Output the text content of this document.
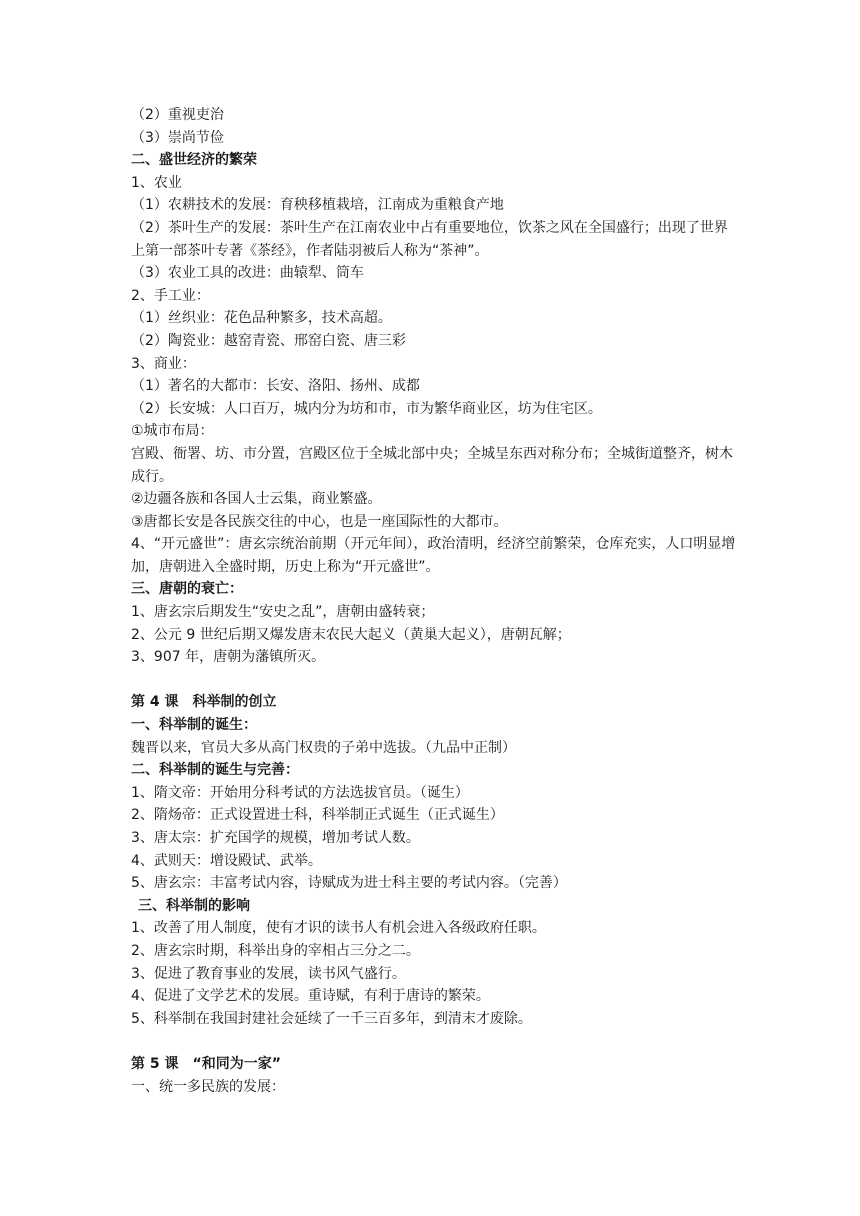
（2）重视吏治
（3）崇尚节俭
二、盛世经济的繁荣
1、农业
（1）农耕技术的发展：育秧移植栽培，江南成为重粮食产地
（2）茶叶生产的发展：茶叶生产在江南农业中占有重要地位，饮茶之风在全国盛行；出现了世界上第一部茶叶专著《茶经》，作者陆羽被后人称为“茶神”。
（3）农业工具的改进：曲辕犁、筒车
2、手工业：
（1）丝织业：花色品种繁多，技术高超。
（2）陶瓷业：越窑青瓷、邢窑白瓷、唐三彩
3、商业：
（1）著名的大都市：长安、洛阳、扬州、成都
（2）长安城：人口百万，城内分为坊和市，市为繁华商业区，坊为住宅区。
①城市布局：
宫殿、衙署、坊、市分置，宫殿区位于全城北部中央；全城呈东西对称分布；全城街道整齐，树木成行。
②边疆各族和各国人士云集，商业繁盛。
③唐都长安是各民族交往的中心，也是一座国际性的大都市。
4、“开元盛世”：唐玄宗统治前期（开元年间），政治清明，经济空前繁荣，仓库充实，人口明显增加，唐朝进入全盛时期，历史上称为“开元盛世”。
三、唐朝的衰亡：
1、唐玄宗后期发生“安史之乱”，唐朝由盛转衰；
2、公元 9 世纪后期又爆发唐末农民大起义（黄巢大起义），唐朝瓦解；
3、907 年，唐朝为藩镇所灭。
第 4 课　科举制的创立
一、科举制的诞生：
魏晋以来，官员大多从高门权贵的子弟中选拔。（九品中正制）
二、科举制的诞生与完善：
1、隋文帝：开始用分科考试的方法选拔官员。（诞生）
2、隋炀帝：正式设置进士科，科举制正式诞生（正式诞生）
3、唐太宗：扩充国学的规模，增加考试人数。
4、武则天：增设殿试、武举。
5、唐玄宗：丰富考试内容，诗赋成为进士科主要的考试内容。（完善）
三、科举制的影响
1、改善了用人制度，使有才识的读书人有机会进入各级政府任职。
2、唐玄宗时期，科举出身的宰相占三分之二。
3、促进了教育事业的发展，读书风气盛行。
4、促进了文学艺术的发展。重诗赋，有利于唐诗的繁荣。
5、科举制在我国封建社会延续了一千三百多年，到清末才废除。
第 5 课　“和同为一家”
一、统一多民族的发展：
